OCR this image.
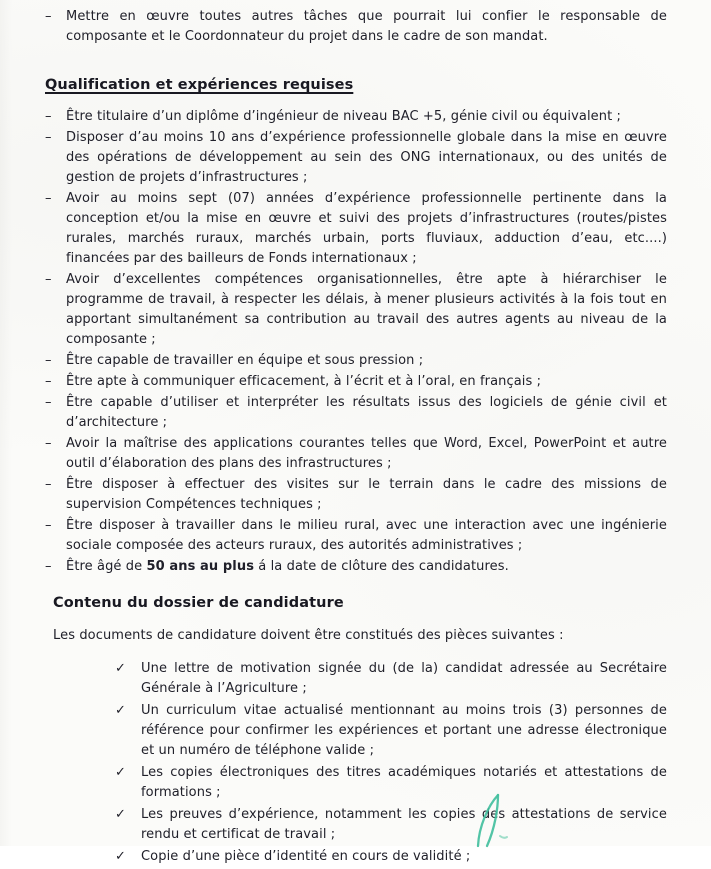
–	Mettre en œuvre toutes autres tâches que pourrait lui confier le responsable de composante et le Coordonnateur du projet dans le cadre de son mandat.
Qualification et expériences requises
–	Être titulaire d’un diplôme d’ingénieur de niveau BAC +5, génie civil ou équivalent ;
–	Disposer d’au moins 10 ans d’expérience professionnelle globale dans la mise en œuvre des opérations de développement au sein des ONG internationaux, ou des unités de gestion de projets d’infrastructures ;
–	Avoir au moins sept (07) années d’expérience professionnelle pertinente dans la conception et/ou la mise en œuvre et suivi des projets d’infrastructures (routes/pistes rurales, marchés ruraux, marchés urbain, ports fluviaux, adduction d’eau, etc....) financées par des bailleurs de Fonds internationaux ;
–	Avoir d’excellentes compétences organisationnelles, être apte à hiérarchiser le programme de travail, à respecter les délais, à mener plusieurs activités à la fois tout en apportant simultanément sa contribution au travail des autres agents au niveau de la composante ;
–	Être capable de travailler en équipe et sous pression ;
–	Être apte à communiquer efficacement, à l’écrit et à l’oral, en français ;
–	Être capable d’utiliser et interpréter les résultats issus des logiciels de génie civil et d’architecture ;
–	Avoir la maîtrise des applications courantes telles que Word, Excel, PowerPoint et autre outil d’élaboration des plans des infrastructures ;
–	Être disposer à effectuer des visites sur le terrain dans le cadre des missions de supervision Compétences techniques ;
–	Être disposer à travailler dans le milieu rural, avec une interaction avec une ingénierie sociale composée des acteurs ruraux, des autorités administratives ;
–	Être âgé de 50 ans au plus á la date de clôture des candidatures.
Contenu du dossier de candidature

Les documents de candidature doivent être constitués des pièces suivantes :

✓	Une lettre de motivation signée du (de la) candidat adressée au Secrétaire Générale à l’Agriculture ;
✓	Un curriculum vitae actualisé mentionnant au moins trois (3) personnes de référence pour confirmer les expériences et portant une adresse électronique et un numéro de téléphone valide ;
✓	Les copies électroniques des titres académiques notariés et attestations de formations ;
✓	Les preuves d’expérience, notamment les copies des attestations de service rendu et certificat de travail ;
✓	Copie d’une pièce d’identité en cours de validité ;
